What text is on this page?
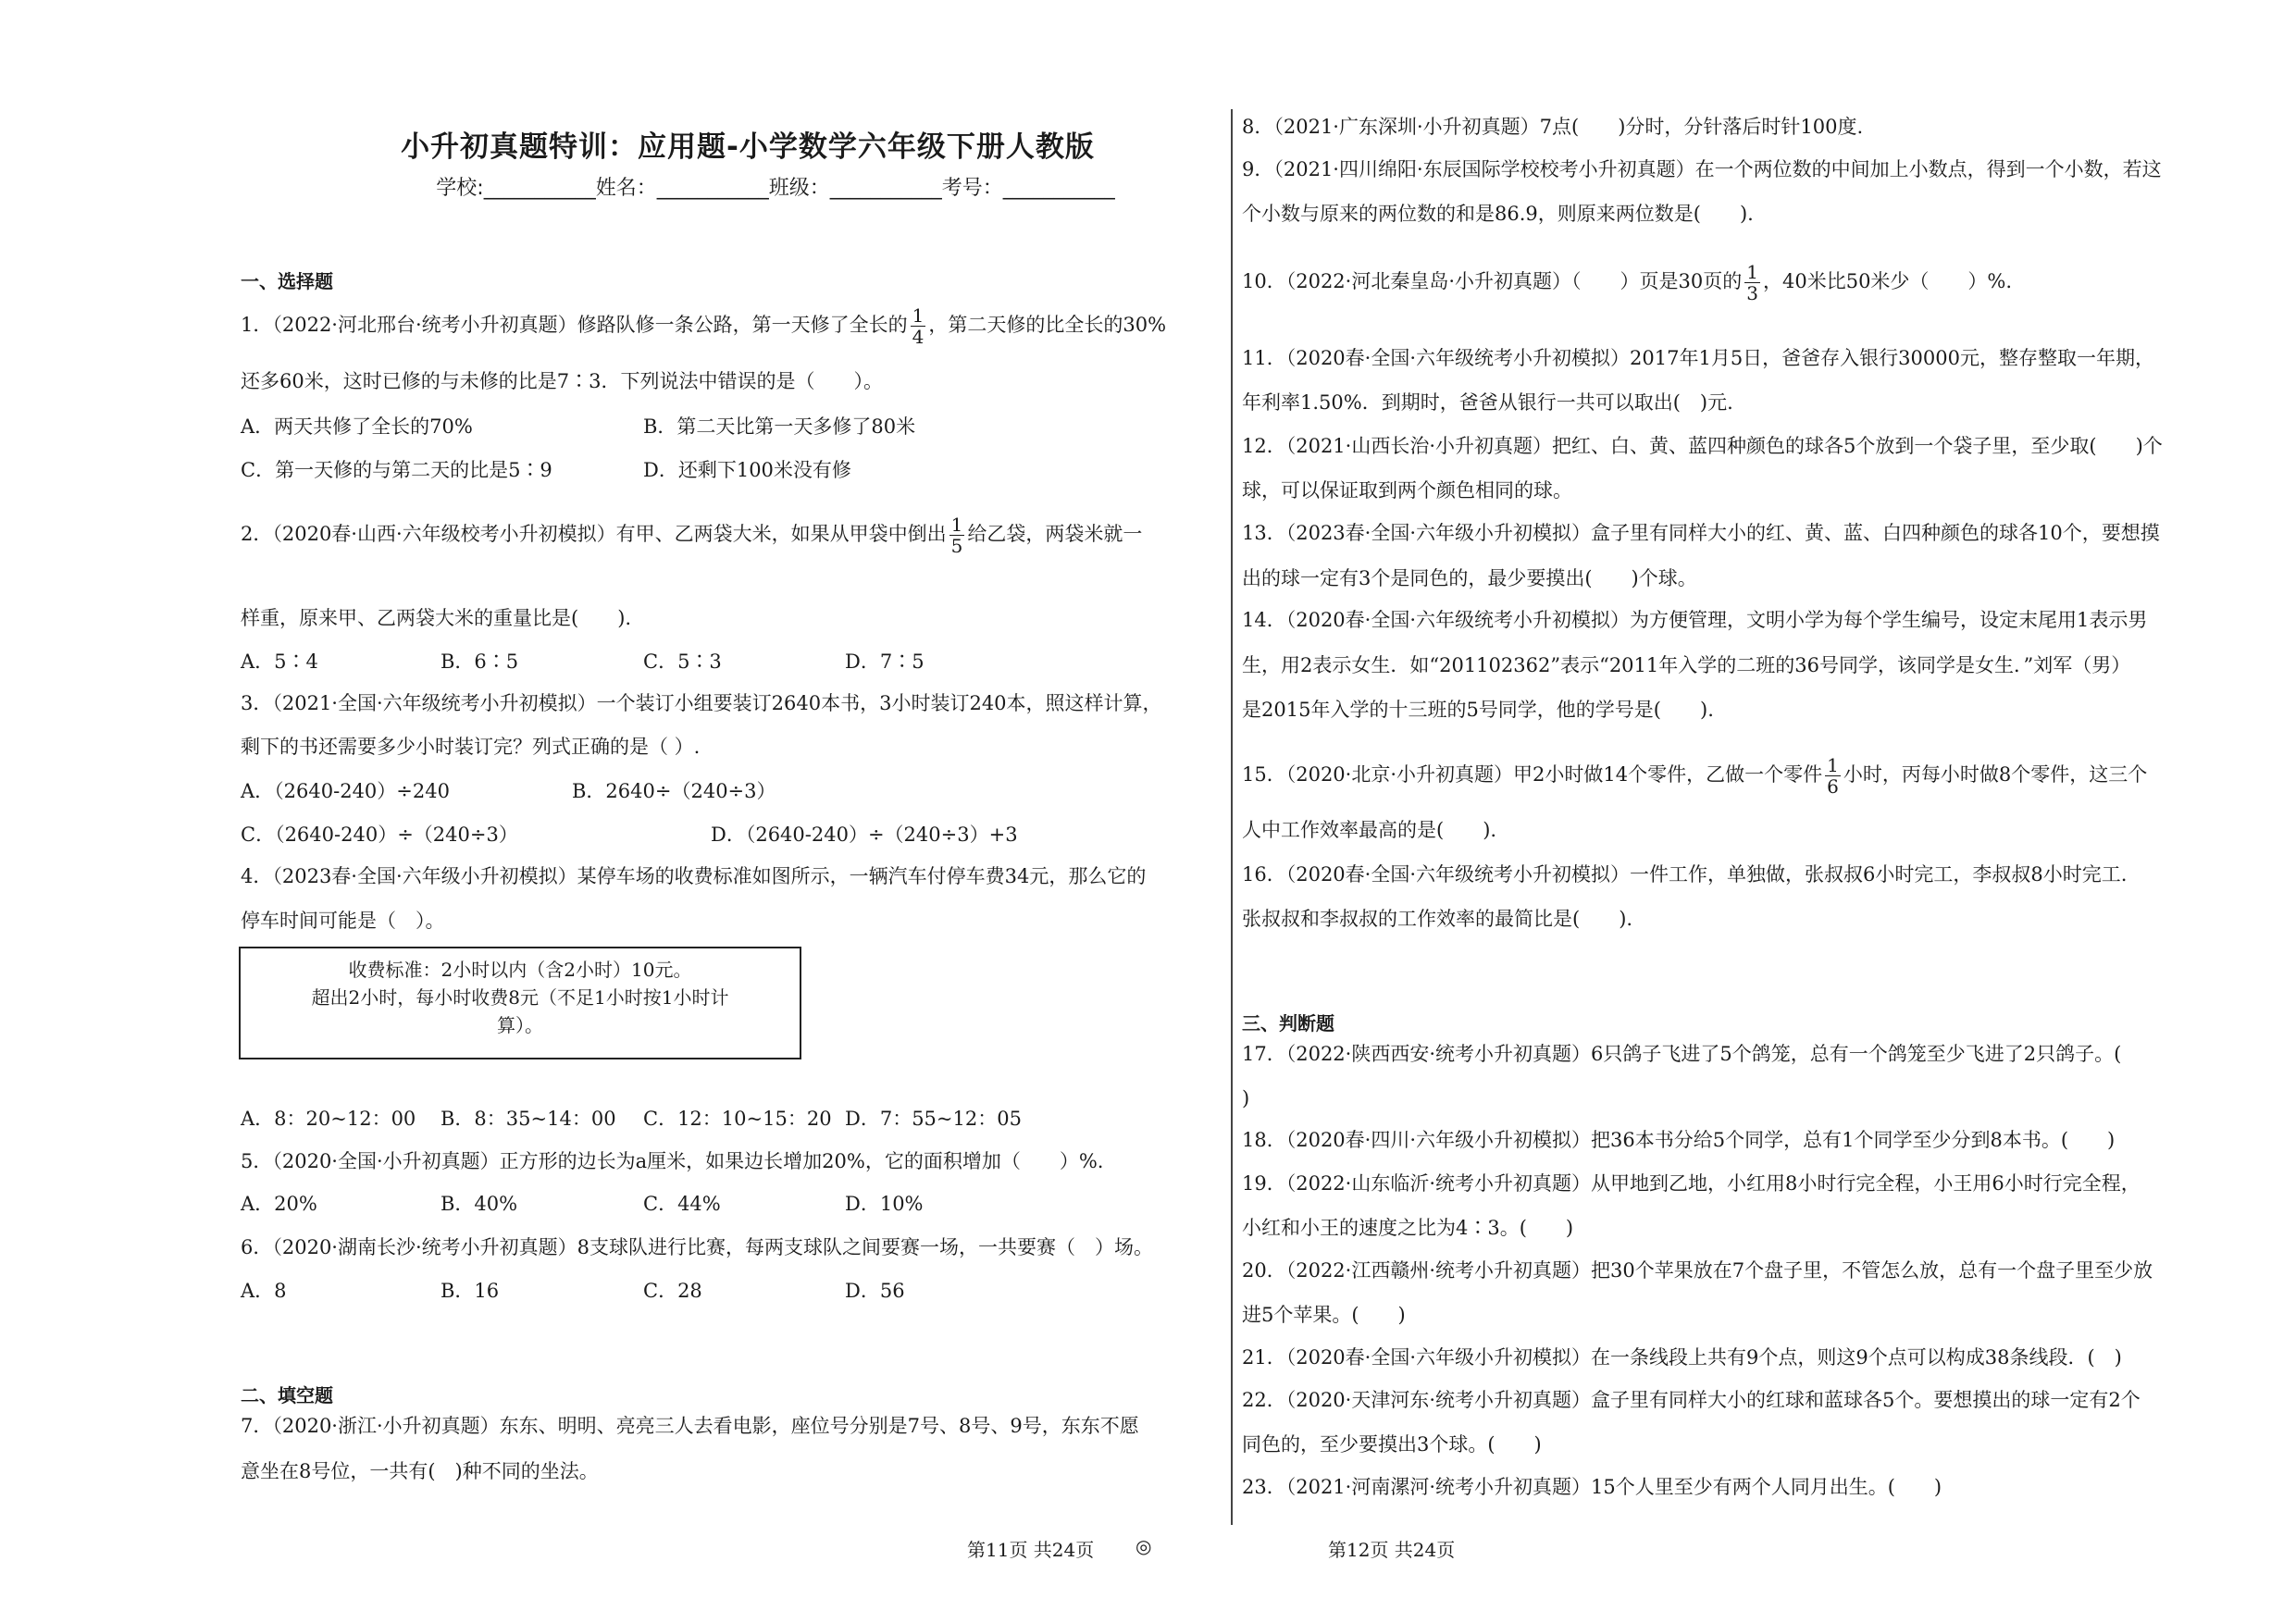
小升初真题特训：应用题-小学数学六年级下册人教版
学校:___________姓名：___________班级：___________考号：___________
一、选择题
1．（2022·河北邢台·统考小升初真题）修路队修一条公路，第一天修了全长的 $\frac{1}{4}$ ，第二天修的比全长的30%
还多60米，这时已修的与未修的比是7∶3．下列说法中错误的是（　　）。
A．两天共修了全长的70%	B．第二天比第一天多修了80米
C．第一天修的与第二天的比是5∶9	D．还剩下100米没有修
2．（2020春·山西·六年级校考小升初模拟）有甲、乙两袋大米，如果从甲袋中倒出 $\frac{1}{5}$ 给乙袋，两袋米就一
样重，原来甲、乙两袋大米的重量比是(　　).
A．5∶4	B．6∶5	C．5∶3	D．7∶5
3．（2021·全国·六年级统考小升初模拟）一个装订小组要装订2640本书，3小时装订240本，照这样计算，
剩下的书还需要多少小时装订完？列式正确的是（ ）.
A．（2640-240）÷240	B．2640÷（240÷3）
C．（2640-240）÷（240÷3）	D．（2640-240）÷（240÷3）+3
4．（2023春·全国·六年级小升初模拟）某停车场的收费标准如图所示，一辆汽车付停车费34元，那么它的
停车时间可能是（　）。
收费标准：2小时以内（含2小时）10元。
超出2小时，每小时收费8元（不足1小时按1小时计
算）。
A．8：20~12：00 B．8：35~14：00 C．12：10~15：20 D．7：55~12：05
5．（2020·全国·小升初真题）正方形的边长为a厘米，如果边长增加20%，它的面积增加（　　）%.
A．20%	B．40%	C．44%	D．10%
6．（2020·湖南长沙·统考小升初真题）8支球队进行比赛，每两支球队之间要赛一场，一共要赛（　）场。
A．8	B．16	C．28	D．56
二、填空题
7．（2020·浙江·小升初真题）东东、明明、亮亮三人去看电影，座位号分别是7号、8号、9号，东东不愿
意坐在8号位，一共有(　)种不同的坐法。
8．（2021·广东深圳·小升初真题）7点(　　)分时，分针落后时针100度.
9．（2021·四川绵阳·东辰国际学校校考小升初真题）在一个两位数的中间加上小数点，得到一个小数，若这
个小数与原来的两位数的和是86.9，则原来两位数是(　　).
10．（2022·河北秦皇岛·小升初真题）（　　）页是30页的 $\frac{1}{3}$ ，40米比50米少（　　）%.
11．（2020春·全国·六年级统考小升初模拟）2017年1月5日，爸爸存入银行30000元，整存整取一年期，
年利率1.50%．到期时，爸爸从银行一共可以取出(　)元.
12．（2021·山西长治·小升初真题）把红、白、黄、蓝四种颜色的球各5个放到一个袋子里，至少取(　　)个
球，可以保证取到两个颜色相同的球。
13．（2023春·全国·六年级小升初模拟）盒子里有同样大小的红、黄、蓝、白四种颜色的球各10个，要想摸
出的球一定有3个是同色的，最少要摸出(　　)个球。
14．（2020春·全国·六年级统考小升初模拟）为方便管理，文明小学为每个学生编号，设定末尾用1表示男
生，用2表示女生．如“201102362”表示“2011年入学的二班的36号同学，该同学是女生．”刘军（男）
是2015年入学的十三班的5号同学，他的学号是(　　).
15．（2020·北京·小升初真题）甲2小时做14个零件，乙做一个零件 $\frac{1}{6}$ 小时，丙每小时做8个零件，这三个
人中工作效率最高的是(　　).
16．（2020春·全国·六年级统考小升初模拟）一件工作，单独做，张叔叔6小时完工，李叔叔8小时完工.
张叔叔和李叔叔的工作效率的最简比是(　　).
三、判断题
17．（2022·陕西西安·统考小升初真题）6只鸽子飞进了5个鸽笼，总有一个鸽笼至少飞进了2只鸽子。(
)
18．（2020春·四川·六年级小升初模拟）把36本书分给5个同学，总有1个同学至少分到8本书。(　　)
19．（2022·山东临沂·统考小升初真题）从甲地到乙地，小红用8小时行完全程，小王用6小时行完全程，
小红和小王的速度之比为4∶3。(　　)
20．（2022·江西赣州·统考小升初真题）把30个苹果放在7个盘子里，不管怎么放，总有一个盘子里至少放
进5个苹果。(　　)
21．（2020春·全国·六年级小升初模拟）在一条线段上共有9个点，则这9个点可以构成38条线段．(　)
22．（2020·天津河东·统考小升初真题）盒子里有同样大小的红球和蓝球各5个。要想摸出的球一定有2个
同色的，至少要摸出3个球。(　　)
23．（2021·河南漯河·统考小升初真题）15个人里至少有两个人同月出生。(　　)
第11页 共24页 ◎	第12页 共24页
